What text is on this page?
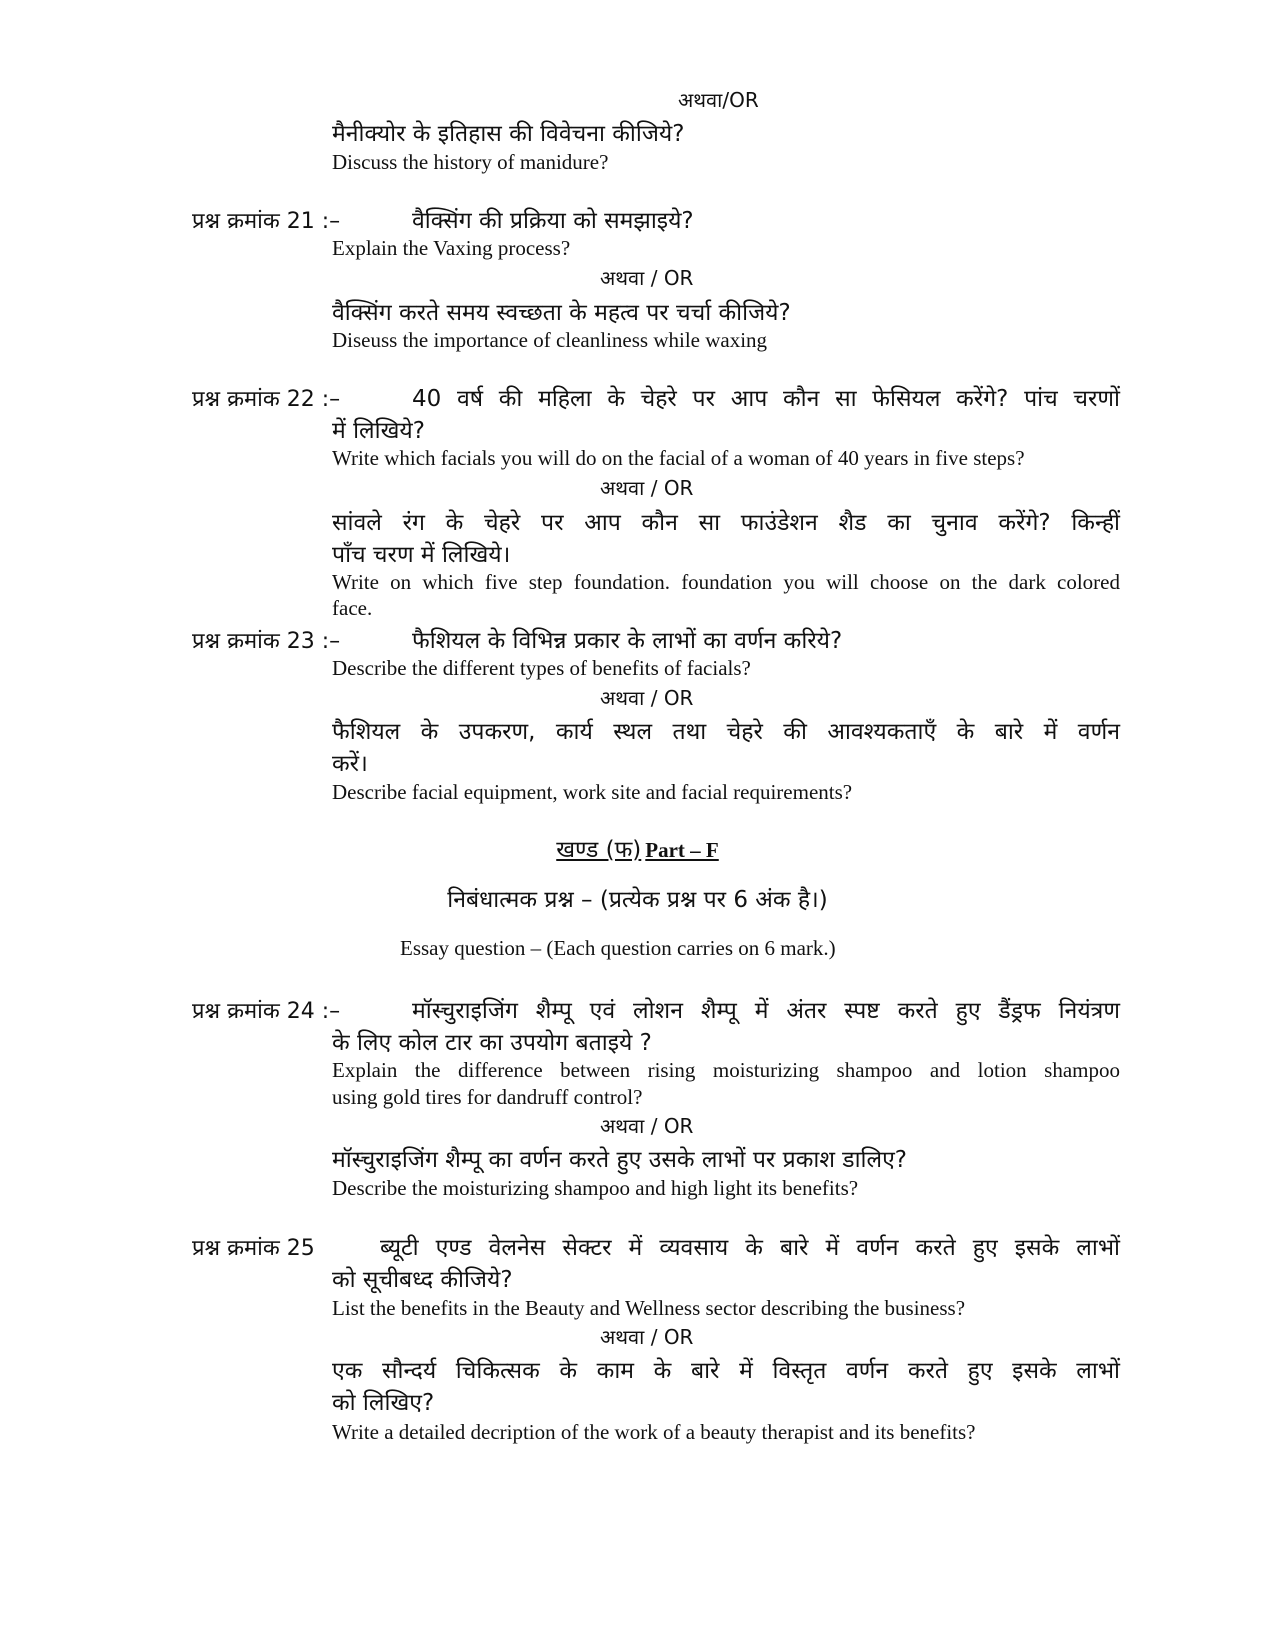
अथवा/OR
मैनीक्योर के इतिहास की विवेचना कीजिये?
Discuss the history of manidure?
प्रश्न क्रमांक 21 :–	वैक्सिंग की प्रक्रिया को समझाइये?
Explain the Vaxing process?
अथवा / OR
वैक्सिंग करते समय स्वच्छता के महत्व पर चर्चा कीजिये?
Diseuss the importance of cleanliness while waxing
प्रश्न क्रमांक 22 :–	40 वर्ष की महिला के चेहरे पर आप कौन सा फेसियल करेंगे? पांच चरणों
में लिखिये?
Write which facials you will do on the facial of a woman of 40 years in five steps?
अथवा / OR
सांवले रंग के चेहरे पर आप कौन सा फाउंडेशन शैड का चुनाव करेंगे? किन्हीं
पाँच चरण में लिखिये।
Write on which five step foundation. foundation you will choose on the dark colored
face.
प्रश्न क्रमांक 23 :–	फैशियल के विभिन्न प्रकार के लाभों का वर्णन करिये?
Describe the different types of benefits of facials?
अथवा / OR
फैशियल के उपकरण, कार्य स्थल तथा चेहरे की आवश्यकताएँ के बारे में वर्णन
करें।
Describe facial equipment, work site and facial requirements?
खण्ड (फ) Part – F
निबंधात्मक प्रश्न – (प्रत्येक प्रश्न पर 6 अंक है।)
Essay question – (Each question carries on 6 mark.)
प्रश्न क्रमांक 24 :–	मॉस्चुराइजिंग शैम्पू एवं लोशन शैम्पू में अंतर स्पष्ट करते हुए डैंड्रफ नियंत्रण
के लिए कोल टार का उपयोग बताइये ?
Explain the difference between rising moisturizing shampoo and lotion shampoo
using gold tires for dandruff control?
अथवा / OR
मॉस्चुराइजिंग शैम्पू का वर्णन करते हुए उसके लाभों पर प्रकाश डालिए?
Describe the moisturizing shampoo and high light its benefits?
प्रश्न क्रमांक 25	ब्यूटी एण्ड वेलनेस सेक्टर में व्यवसाय के बारे में वर्णन करते हुए इसके लाभों
को सूचीबध्द कीजिये?
List the benefits in the Beauty and Wellness sector describing the business?
अथवा / OR
एक सौन्दर्य चिकित्सक के काम के बारे में विस्तृत वर्णन करते हुए इसके लाभों
को लिखिए?
Write a detailed decription of the work of a beauty therapist and its benefits?
